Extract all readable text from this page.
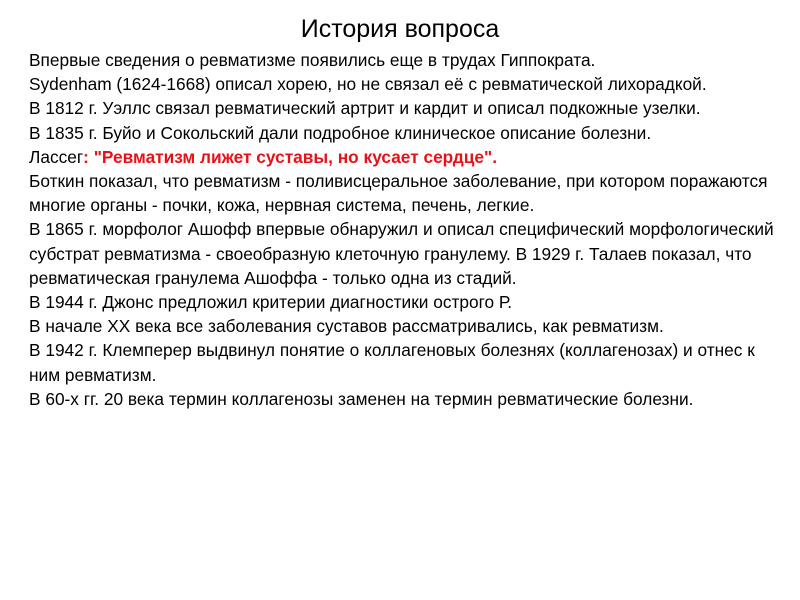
История вопроса
Впервые сведения о ревматизме появились еще в трудах Гиппократа.
Sydenham (1624-1668) описал хорею, но не связал её с ревматической лихорадкой.
В 1812 г. Уэллс связал ревматический артрит и кардит и описал подкожные узелки.
В 1835 г. Буйо и Сокольский дали подробное клиническое описание болезни.
Лассег: "Ревматизм лижет суставы, но кусает сердце".
Боткин показал, что ревматизм - поливисцеральное заболевание, при котором поражаются многие органы - почки, кожа, нервная система, печень, легкие.
В 1865 г. морфолог Ашофф впервые обнаружил и описал специфический морфологический субстрат ревматизма - своеобразную клеточную гранулему. В 1929 г. Талаев показал, что ревматическая гранулема Ашоффа - только одна из стадий.
В 1944 г. Джонс предложил критерии диагностики острого Р.
В начале XX века все заболевания суставов рассматривались, как ревматизм.
В 1942 г. Клемперер выдвинул понятие о коллагеновых болезнях (коллагенозах) и отнес к ним ревматизм.
В 60-х гг. 20 века термин коллагенозы заменен на термин ревматические болезни.
